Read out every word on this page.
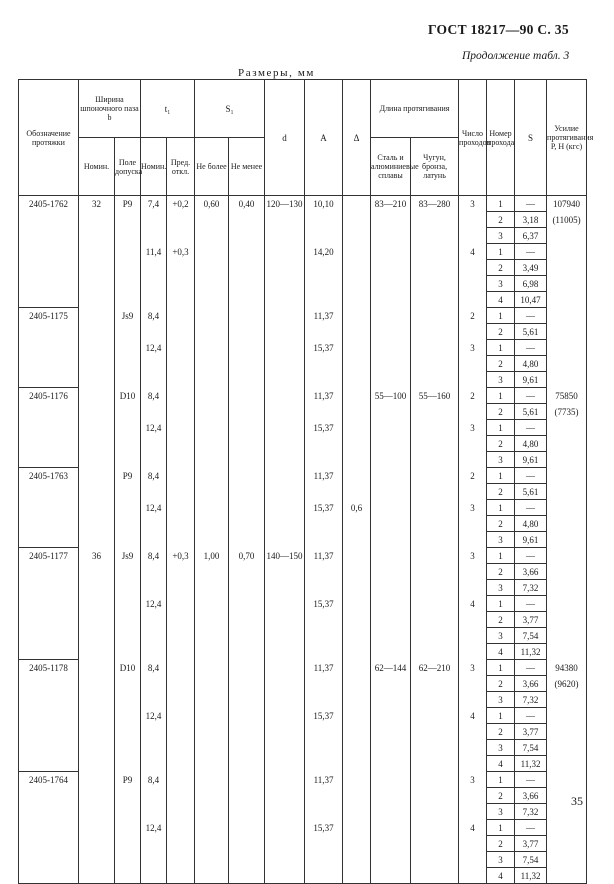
ГОСТ 18217—90 С. 35
Продолжение табл. 3
Размеры, мм
Обозначение протяжки	Ширина шпоночного паза
b		t₁		S₁		d	A	Δ	Длина протягивания		Число проходов	Номер прохода	S	Усилие протягивания Р, Н (кгс)
	Номин.	Поле допуска	Номин.	Пред. откл.	Не более	Не менее				Сталь и алюминиевые сплавы	Чугун, бронза, латунь				
2405-1762	32	P9	7,4	+0,2	0,60	0,40	120—130	10,10		83—210	83—280	3	1	—	107940
													2	3,18	(11005)
													3	6,37	
			11,4	+0,3				14,20				4	1	—	
													2	3,49	
													3	6,98	
													4	10,47	
2405-1175		Js9	8,4					11,37				2	1	—	
													2	5,61	
			12,4					15,37				3	1	—	
													2	4,80	
													3	9,61	
2405-1176		D10	8,4					11,37		55—100	55—160	2	1	—	75850
													2	5,61	(7735)
			12,4					15,37				3	1	—	
													2	4,80	
													3	9,61	
2405-1763		P9	8,4					11,37				2	1	—	
													2	5,61	
			12,4					15,37	0,6			3	1	—	
													2	4,80	
													3	9,61	
2405-1177	36	Js9	8,4	+0,3	1,00	0,70	140—150	11,37				3	1	—	
													2	3,66	
													3	7,32	
			12,4					15,37				4	1	—	
													2	3,77	
													3	7,54	
													4	11,32	
2405-1178		D10	8,4					11,37		62—144	62—210	3	1	—	94380
													2	3,66	(9620)
													3	7,32	
			12,4					15,37				4	1	—	
													2	3,77	
													3	7,54	
													4	11,32	
2405-1764		P9	8,4					11,37				3	1	—	
													2	3,66	
													3	7,32	
			12,4					15,37				4	1	—	
													2	3,77	
													3	7,54	
													4	11,32	
35
